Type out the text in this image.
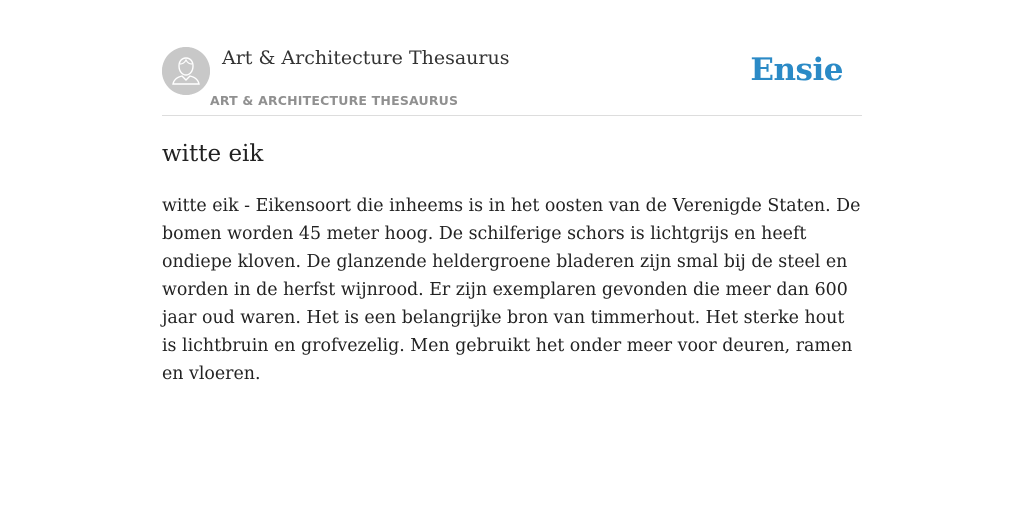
Art & Architecture Thesaurus
ART & ARCHITECTURE THESAURUS
Ensie
witte eik

witte eik - Eikensoort die inheems is in het oosten van de Verenigde Staten. De bomen worden 45 meter hoog. De schilferige schors is lichtgrijs en heeft ondiepe kloven. De glanzende heldergroene bladeren zijn smal bij de steel en worden in de herfst wijnrood. Er zijn exemplaren gevonden die meer dan 600 jaar oud waren. Het is een belangrijke bron van timmerhout. Het sterke hout is lichtbruin en grofvezelig. Men gebruikt het onder meer voor deuren, ramen en vloeren.
